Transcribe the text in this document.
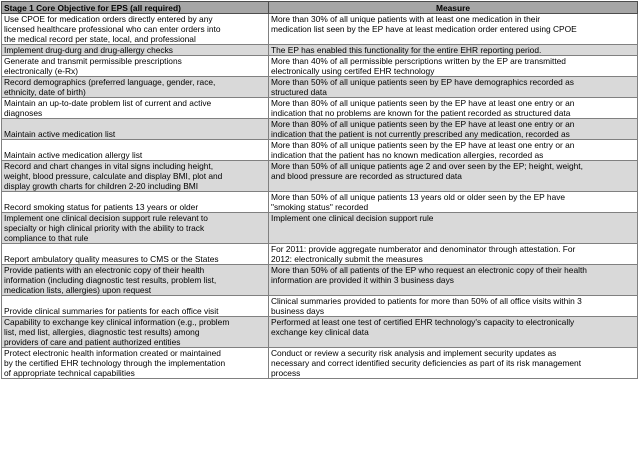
Stage 1 Core Objective for EPS (all required)	Measure

Use CPOE for medication orders directly entered by any
licensed healthcare professional who can enter orders into
the medical record per state, local, and professional	More than 30% of all unique patients with at least one medication in their
medication list seen by the EP have at least medication order entered using CPOE

Implement drug-durg and drug-allergy checks	The EP has enabled this functionality for the entire EHR reporting period.

Generate and transmit permissible prescriptions
electronically (e-Rx)	More than 40% of all permissible perscriptions written by the EP are transmitted
electronically using certifed EHR technology

Record demographics (preferred language, gender, race,
ethnicity, date of birth)	More than 50% of all unique patients seen by EP have demographics recorded as
structured data

Maintain an up-to-date problem list of current and active
diagnoses	More than 80% of all unique patients seen by the EP have at least one entry or an
indication that no problems are known for the patient recorded as structured data

Maintain active medication list	More than 80% of all unique patients seen by the EP have at least one entry or an
indication that the patient is not currently prescribed any medication, recorded as

Maintain active medication allergy list	More than 80% of all unique patients seen by the EP have at least one entry or an
indication that the patient has no known medication allergies, recorded as

Record and chart changes in vital signs including height,
weight, blood pressure, calculate and display BMI, plot and
display growth charts for children 2-20 including BMI	More than 50% of all unique patients age 2 and over seen by the EP; height, weight,
and blood pressure are recorded as structured data

Record smoking status for patients 13 years or older	More than 50% of all unique patients 13 years old or older seen by the EP have
"smoking status" recorded

Implement one clinical decision support rule relevant to
specialty or high clinical priority with the ability to track
compliance to that rule	Implement one clinical decision support rule

Report ambulatory quality measures to CMS or the States	For 2011: provide aggregate numberator and denominator through attestation. For
2012: electronically submit the measures

Provide patients with an electronic copy of their health
information (including diagnostic test results, problem list,
medication lists, allergies) upon request	More than 50% of all patients of the EP who request an electronic copy of their health
information are provided it within 3 business days

Provide clinical summaries for patients for each office visit	Clinical summaries provided to patients for more than 50% of all office visits within 3
business days

Capability to exchange key clinical information (e.g., problem
list, med list, allergies, diagnostic test results) among
providers of care and patient authorized entities	Performed at least one test of certified EHR technology's capacity to electronically
exchange key clinical data

Protect electronic health information created or maintained
by the certified EHR technology through the implementation
of appropriate technical capabilities	Conduct or review a security risk analysis and implement security updates as
necessary and correct identified security deficiencies as part of its risk management
process
